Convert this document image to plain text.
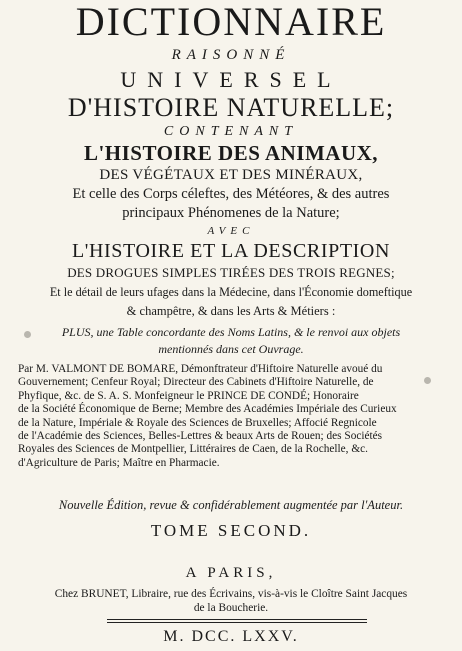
DICTIONNAIRE
RAISONNÉ
UNIVERSEL
D'HISTOIRE NATURELLE;
CONTENANT
L'HISTOIRE DES ANIMAUX,
DES VÉGÉTAUX ET DES MINÉRAUX,
Et celle des Corps céleftes, des Météores, & des autres
principaux Phénomenes de la Nature;
AVEC
L'HISTOIRE ET LA DESCRIPTION
DES DROGUES SIMPLES TIRÉES DES TROIS REGNES;
Et le détail de leurs ufages dans la Médecine, dans l'Économie domeftique
& champêtre, & dans les Arts & Métiers :
PLUS, une Table concordante des Noms Latins, & le renvoi aux objets
mentionnés dans cet Ouvrage.
Par M. VALMONT DE BOMARE, Démonftrateur d'Hiftoire Naturelle avoué du
Gouvernement; Cenfeur Royal; Directeur des Cabinets d'Hiftoire Naturelle, de
Phyfique, &c. de S. A. S. Monfeigneur le PRINCE DE CONDÉ; Honoraire
de la Société Économique de Berne; Membre des Académies Impériale des Curieux
de la Nature, Impériale & Royale des Sciences de Bruxelles; Affocié Regnicole
de l'Académie des Sciences, Belles-Lettres & beaux Arts de Rouen; des Sociétés
Royales des Sciences de Montpellier, Littéraires de Caen, de la Rochelle, &c.
d'Agriculture de Paris; Maître en Pharmacie.
Nouvelle Édition, revue & confidérablement augmentée par l'Auteur.
TOME SECOND.
A PARIS,
Chez BRUNET, Libraire, rue des Écrivains, vis-à-vis le Cloître Saint Jacques
de la Boucherie.
M. DCC. LXXV.
